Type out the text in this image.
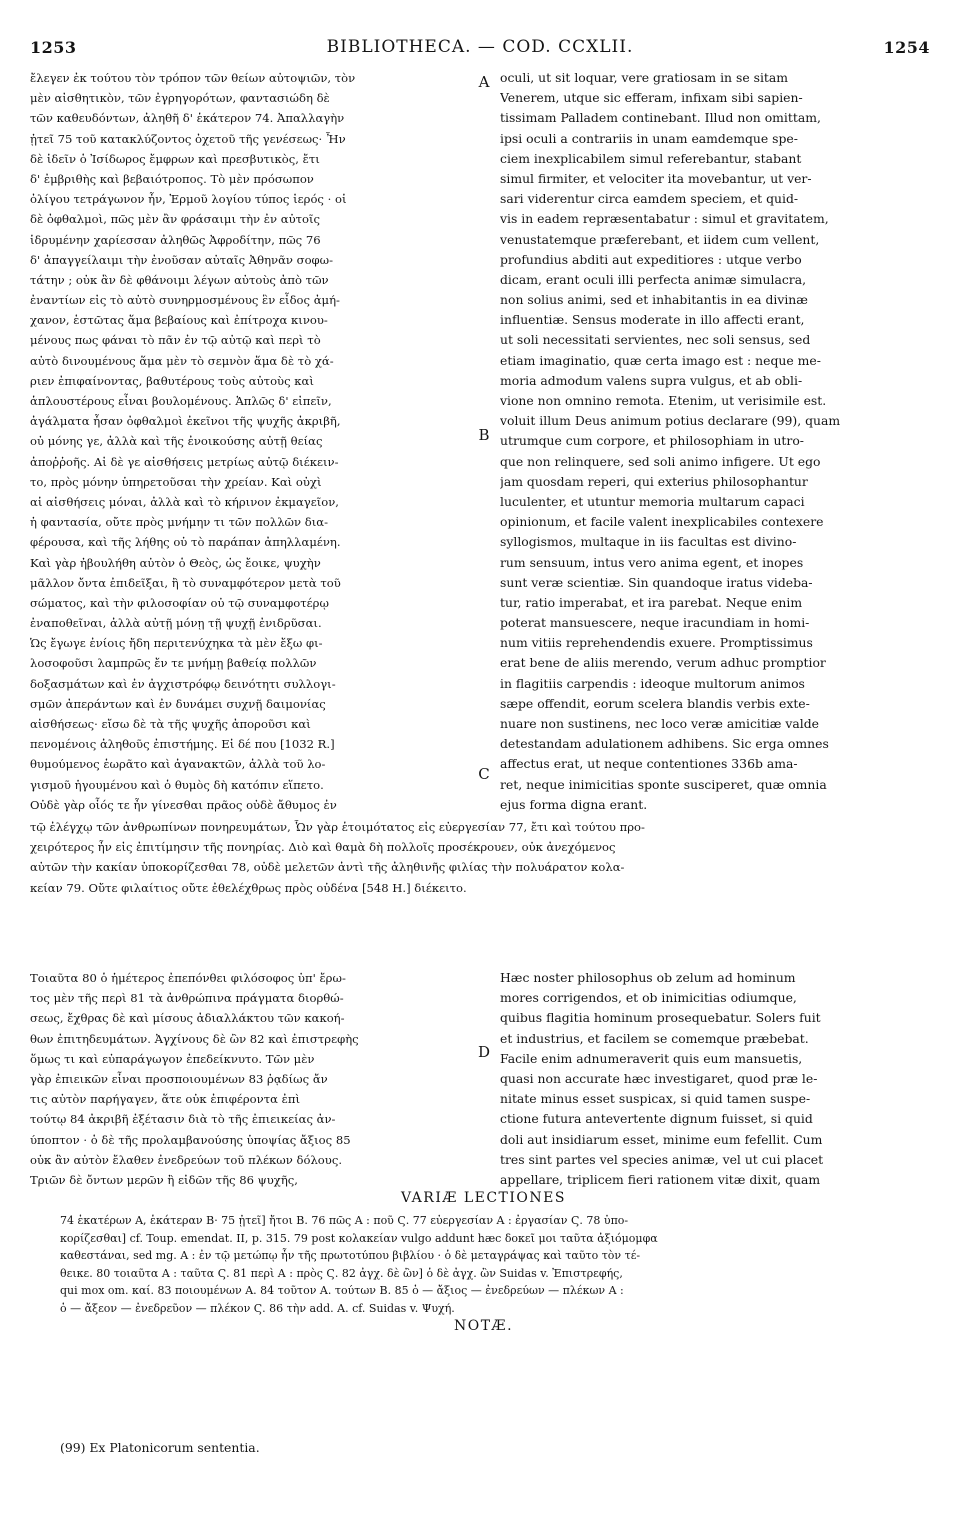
1253	BIBLIOTHECA. — COD. CCXLII.	1254
A
B
C
D
ἔλεγεν ἐκ τούτου τὸν τρόπον τῶν θείων αὐτοψιῶν, τὸν
μὲν αἰσθητικὸν, τῶν ἐγρηγορότων, φαντασιώδη δὲ
τῶν καθευδόντων, ἀληθῆ δ' ἑκάτερον 74. Ἀπαλλαγὴν
ᾐτεῖ 75 τοῦ κατακλύζοντος ὀχετοῦ τῆς γενέσεως· Ἦν
δὲ ἰδεῖν ὁ Ἰσίδωρος ἔμφρων καὶ πρεσβυτικὸς, ἔτι
δ' ἐμβριθὴς καὶ βεβαιότροπος. Τὸ μὲν πρόσωπον
ὀλίγου τετράγωνον ἦν, Ἑρμοῦ λογίου τύπος ἱερός · οἱ
δὲ ὀφθαλμοὶ, πῶς μὲν ἂν φράσαιμι τὴν ἐν αὐτοῖς
ἱδρυμένην χαρίεσσαν ἀληθῶς Ἀφροδίτην, πῶς 76
δ' ἀπαγγείλαιμι τὴν ἐνοῦσαν αὐταῖς Ἀθηνᾶν σοφω-
τάτην ; οὐκ ἂν δὲ φθάνοιμι λέγων αὐτοὺς ἀπὸ τῶν
ἐναντίων εἰς τὸ αὐτὸ συνηρμοσμένους ἓν εἶδος ἀμή-
χανον, ἑστῶτας ἅμα βεβαίους καὶ ἐπίτροχα κινου-
μένους πως φάναι τὸ πᾶν ἐν τῷ αὐτῷ καὶ περὶ τὸ
αὐτὸ δινουμένους ἅμα μὲν τὸ σεμνὸν ἅμα δὲ τὸ χά-
ριεν ἐπιφαίνοντας, βαθυτέρους τοὺς αὐτοὺς καὶ
ἁπλουστέρους εἶναι βουλομένους. Ἁπλῶς δ' εἰπεῖν,
ἀγάλματα ἦσαν ὀφθαλμοὶ ἐκεῖνοι τῆς ψυχῆς ἀκριβῆ,
οὐ μόνης γε, ἀλλὰ καὶ τῆς ἐνοικούσης αὐτῇ θείας
ἀποῤῥοῆς. Αἱ δὲ γε αἰσθήσεις μετρίως αὐτῷ διέκειν-
το, πρὸς μόνην ὑπηρετοῦσαι τὴν χρείαν. Καὶ οὐχὶ
αἱ αἰσθήσεις μόναι, ἀλλὰ καὶ τὸ κήρινον ἐκμαγεῖον,
ἡ φαντασία, οὔτε πρὸς μνήμην τι τῶν πολλῶν δια-
φέρουσα, καὶ τῆς λήθης οὐ τὸ παράπαν ἀπηλλαμένη.
Καὶ γὰρ ἠβουλήθη αὐτὸν ὁ Θεὸς, ὡς ἔοικε, ψυχὴν
μᾶλλον ὄντα ἐπιδεῖξαι, ἢ τὸ συναμφότερον μετὰ τοῦ
σώματος, καὶ τὴν φιλοσοφίαν οὐ τῷ συναμφοτέρῳ
ἐναποθεῖναι, ἀλλὰ αὐτῇ μόνῃ τῇ ψυχῇ ἐνιδρῦσαι.
Ὡς ἔγωγε ἐνίοις ἤδη περιτενύχηκα τὰ μὲν ἔξω φι-
λοσοφοῦσι λαμπρῶς ἔν τε μνήμῃ βαθείᾳ πολλῶν
δοξασμάτων καὶ ἐν ἀγχιστρόφῳ δεινότητι συλλογι-
σμῶν ἀπεράντων καὶ ἐν δυνάμει συχνῇ δαιμονίας
αἰσθήσεως· εἴσω δὲ τὰ τῆς ψυχῆς ἀποροῦσι καὶ
πενομένοις ἀληθοῦς ἐπιστήμης. Εἰ δέ που [1032 R.]
θυμούμενος ἑωρᾶτο καὶ ἀγανακτῶν, ἀλλὰ τοῦ λο-
γισμοῦ ἡγουμένου καὶ ὁ θυμὸς δὴ κατόπιν εἵπετο.
Οὐδὲ γὰρ οἷός τε ἦν γίνεσθαι πρᾶος οὐδὲ ἄθυμος ἐν
oculi, ut sit loquar, vere gratiosam in se sitam
Venerem, utque sic efferam, infixam sibi sapien-
tissimam Palladem continebant. Illud non omittam,
ipsi oculi a contrariis in unam eamdemque spe-
ciem inexplicabilem simul referebantur, stabant
simul firmiter, et velociter ita movebantur, ut ver-
sari viderentur circa eamdem speciem, et quid-
vis in eadem repræsentabatur : simul et gravitatem,
venustatemque præferebant, et iidem cum vellent,
profundius abditi aut expeditiores : utque verbo
dicam, erant oculi illi perfecta animæ simulacra,
non solius animi, sed et inhabitantis in ea divinæ
influentiæ. Sensus moderate in illo affecti erant,
ut soli necessitati servientes, nec soli sensus, sed
etiam imaginatio, quæ certa imago est : neque me-
moria admodum valens supra vulgus, et ab obli-
vione non omnino remota. Etenim, ut verisimile est.
voluit illum Deus animum potius declarare (99), quam
utrumque cum corpore, et philosophiam in utro-
que non relinquere, sed soli animo infigere. Ut ego
jam quosdam reperi, qui exterius philosophantur
luculenter, et utuntur memoria multarum capaci
opinionum, et facile valent inexplicabiles contexere
syllogismos, multaque in iis facultas est divino-
rum sensuum, intus vero anima egent, et inopes
sunt veræ scientiæ. Sin quandoque iratus videba-
tur, ratio imperabat, et ira parebat. Neque enim
poterat mansuescere, neque iracundiam in homi-
num vitiis reprehendendis exuere. Promptissimus
erat bene de aliis merendo, verum adhuc promptior
in flagitiis carpendis : ideoque multorum animos
sæpe offendit, eorum scelera blandis verbis exte-
nuare non sustinens, nec loco veræ amicitiæ valde
detestandam adulationem adhibens. Sic erga omnes
affectus erat, ut neque contentiones 336b ama-
ret, neque inimicitias sponte susciperet, quæ omnia
ejus forma digna erant.
τῷ ἐλέγχῳ τῶν ἀνθρωπίνων πονηρευμάτων, Ὧν γὰρ ἑτοιμότατος εἰς εὐεργεσίαν 77, ἔτι καὶ τούτου προ-
χειρότερος ἦν εἰς ἐπιτίμησιν τῆς πονηρίας. Διὸ καὶ θαμὰ δὴ πολλοῖς προσέκρουεν, οὐκ ἀνεχόμενος
αὐτῶν τὴν κακίαν ὑποκορίζεσθαι 78, οὐδὲ μελετῶν ἀντὶ τῆς ἀληθινῆς φιλίας τὴν πολυάρατον κολα-
κείαν 79. Οὔτε φιλαίτιος οὔτε ἐθελέχθρως πρὸς οὐδένα [548 H.] διέκειτο.
Τοιαῦτα 80 ὁ ἡμέτερος ἐπεπόνθει φιλόσοφος ὑπ' ἔρω-
τος μὲν τῆς περὶ 81 τὰ ἀνθρώπινα πράγματα διορθώ-
σεως, ἔχθρας δὲ καὶ μίσους ἀδιαλλάκτου τῶν κακοή-
θων ἐπιτηδευμάτων. Ἀγχίνους δὲ ὢν 82 καὶ ἐπιστρεφὴς
ὅμως τι καὶ εὐπαράγωγον ἐπεδείκνυτο. Τῶν μὲν
γὰρ ἐπιεικῶν εἶναι προσποιουμένων 83 ῥᾳδίως ἄν
τις αὐτὸν παρήγαγεν, ἅτε οὐκ ἐπιφέροντα ἐπὶ
τούτῳ 84 ἀκριβῆ ἐξέτασιν διὰ τὸ τῆς ἐπιεικείας ἀν-
ύποπτον · ὁ δὲ τῆς προλαμβανούσης ὑποψίας ἄξιος 85
οὐκ ἂν αὐτὸν ἔλαθεν ἐνεδρεύων τοῦ πλέκων δόλους.
Τριῶν δὲ ὄντων μερῶν ἢ εἰδῶν τῆς 86 ψυχῆς,
Hæc noster philosophus ob zelum ad hominum
mores corrigendos, et ob inimicitias odiumque,
quibus flagitia hominum prosequebatur. Solers fuit
et industrius, et facilem se comemque præbebat.
Facile enim adnumeraverit quis eum mansuetis,
quasi non accurate hæc investigaret, quod præ le-
nitate minus esset suspicax, si quid tamen suspe-
ctione futura antevertente dignum fuisset, si quid
doli aut insidiarum esset, minime eum fefellit. Cum
tres sint partes vel species animæ, vel ut cui placet
appellare, triplicem fieri rationem vitæ dixit, quam
VARIÆ LECTIONES
74 ἑκατέρων A, ἑκάτεραν B· 75 ᾐτεῖ] ἤτοι B. 76 πῶς A : ποῦ Ϛ. 77 εὐεργεσίαν A : ἐργασίαν Ϛ. 78 ὑπο-
κορίζεσθαι] cf. Toup. emendat. II, p. 315. 79 post κολακείαν vulgo addunt hæc δοκεῖ μοι ταῦτα ἀξιόμομφα
καθεστάναι, sed mg. A : ἐν τῷ μετώπῳ ἦν τῆς πρωτοτύπου βιβλίου · ὁ δὲ μεταγράψας καὶ ταῦτο τὸν τέ-
θεικε. 80 τοιαῦτα A : ταῦτα Ϛ. 81 περὶ A : πρὸς Ϛ. 82 ἀγχ. δὲ ὢν] ὁ δὲ ἀγχ. ὢν Suidas v. Ἐπιστρεφής,
qui mox om. καί. 83 ποιουμένων A. 84 τοῦτον A. τούτων B. 85 ὁ — ἄξιος — ἐνεδρεύων — πλέκων A :
ὁ — ἄξεον — ἐνεδρεῦον — πλέκον Ϛ. 86 τὴν add. A. cf. Suidas v. Ψυχή.
NOTÆ.
(99) Ex Platonicorum sententia.
